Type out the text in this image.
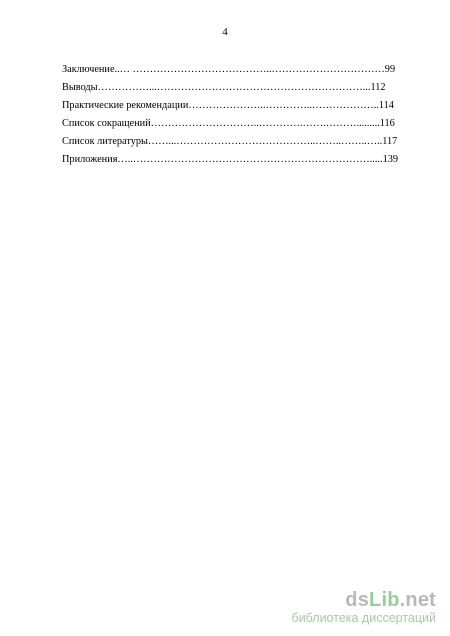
4
Заключение..… …………………………………..……………………………99
Выводы……………...……………………………………………………...112
Практические рекомендации…………………..…………..………………..114
Список сокращений…………………………..………….…….……….........116
Список литературы……...…………………………………..……..……..…..117
Приложения…..…………………………………………………………….....139
dsLib.net
библиотека диссертаций
